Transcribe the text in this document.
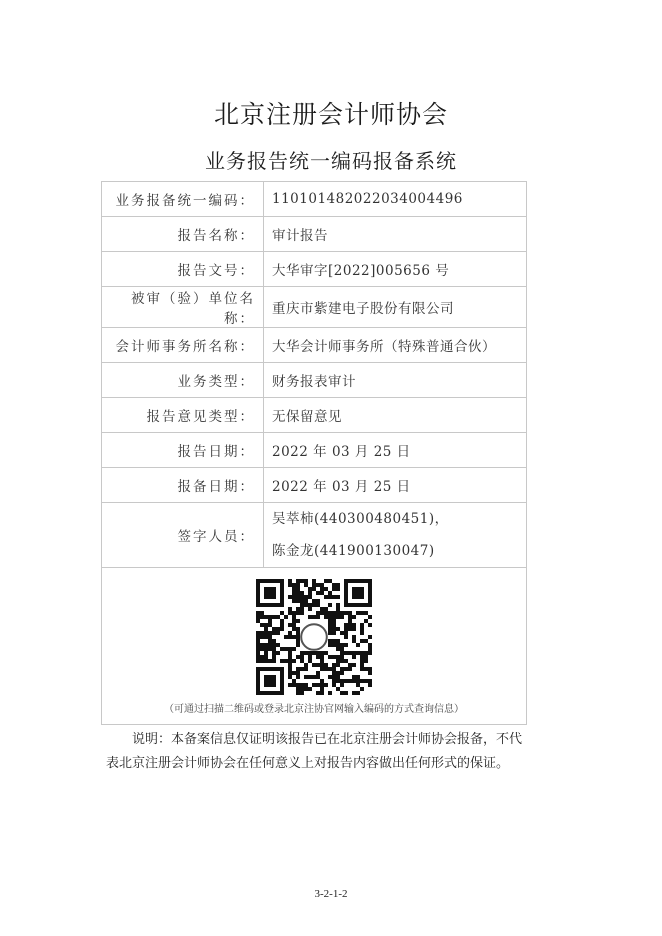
北京注册会计师协会
业务报告统一编码报备系统
业务报备统一编码：	110101482022034004496
报告名称：	审计报告
报告文号：	大华审字[2022]005656 号
被审（验）单位名称：	重庆市紫建电子股份有限公司
会计师事务所名称：	大华会计师事务所（特殊普通合伙）
业务类型：	财务报表审计
报告意见类型：	无保留意见
报告日期：	2022 年 03 月 25 日
报备日期：	2022 年 03 月 25 日
签字人员：	吴萃柿(440300480451)，
陈金龙(441900130047)

（可通过扫描二维码或登录北京注协官网输入编码的方式查询信息）	
说明：本备案信息仅证明该报告已在北京注册会计师协会报备，不代表北京注册会计师协会在任何意义上对报告内容做出任何形式的保证。
3-2-1-2
